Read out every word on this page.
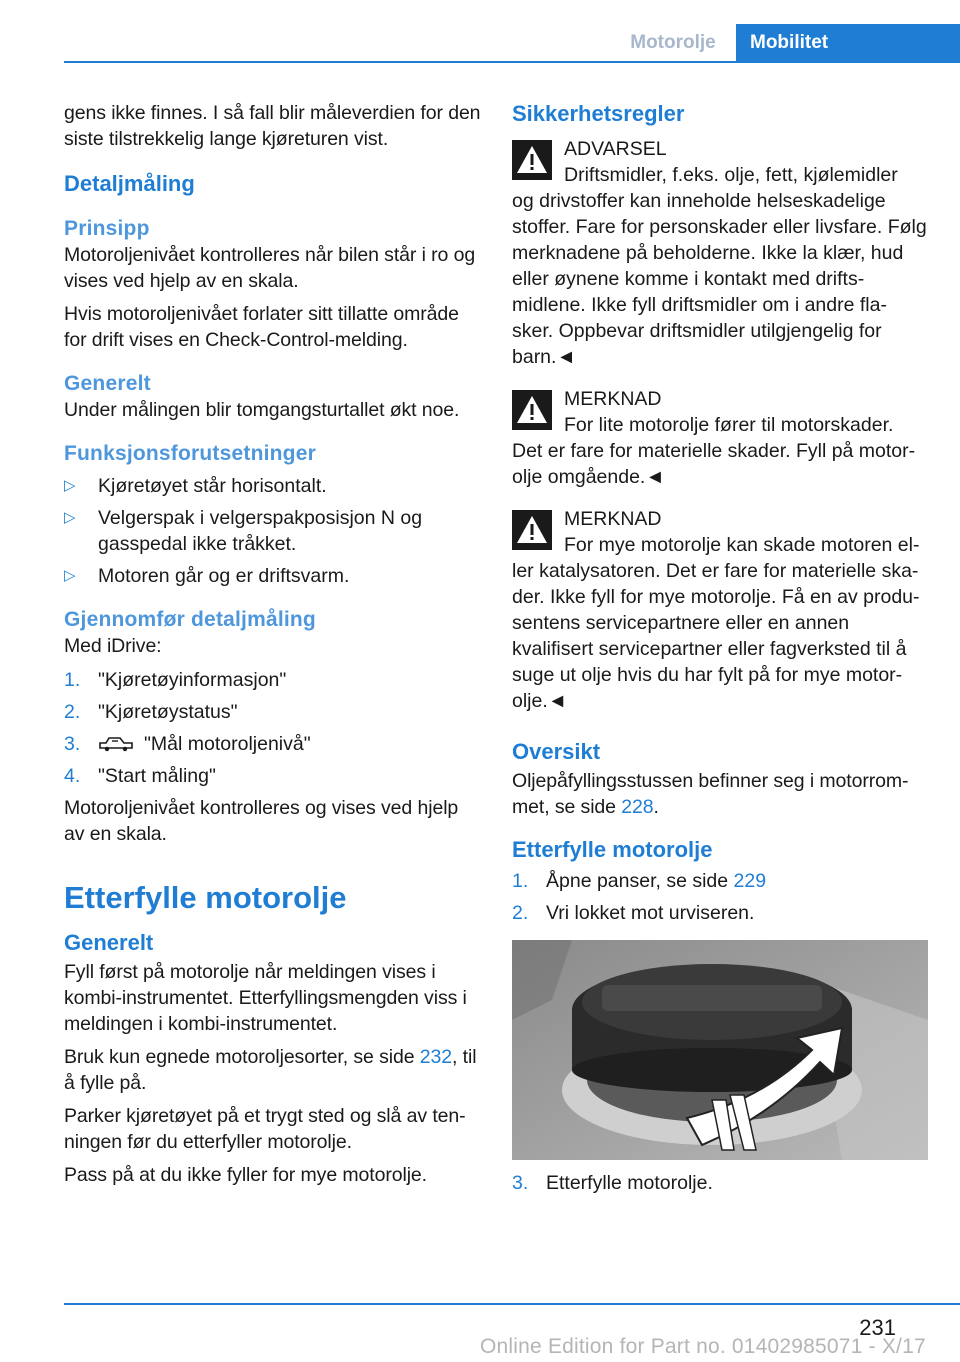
Motorolje	Mobilitet

gens ikke finnes. I så fall blir måleverdien for den siste tilstrekkelig lange kjøreturen vist.

Detaljmåling
Prinsipp

Motoroljenivået kontrolleres når bilen står i ro og vises ved hjelp av en skala.

Hvis motoroljenivået forlater sitt tillatte område for drift vises en Check-Control-melding.

Generelt

Under målingen blir tomgangsturtallet økt noe.

Funksjonsforutsetninger
▷ Kjøretøyet står horisontalt.
▷ Velgerspak i velgerspakposisjon N og gasspedal ikke tråkket.
▷ Motoren går og er driftsvarm.
Gjennomfør detaljmåling

Med iDrive:

1. "Kjøretøyinformasjon"
2. "Kjøretøystatus"
3.	"Mål motoroljenivå"
4. "Start måling"

Motoroljenivået kontrolleres og vises ved hjelp av en skala.

Etterfylle motorolje
Generelt

Fyll først på motorolje når meldingen vises i kombi-instrumentet. Etterfyllingsmengden viss i meldingen i kombi-instrumentet.

Bruk kun egnede motoroljesorter, se side 232, til å fylle på.

Parker kjøretøyet på et trygt sted og slå av ten-ningen før du etterfyller motorolje.

Pass på at du ikke fyller for mye motorolje.

Sikkerhetsregler
ADVARSEL
Driftsmidler, f.eks. olje, fett, kjølemidler
og drivstoffer kan inneholde helseskadelige stoffer. Fare for personskader eller livsfare. Følg merknadene på beholderne. Ikke la klær, hud eller øynene komme i kontakt med drifts-midlene. Ikke fyll driftsmidler om i andre fla-sker. Oppbevar driftsmidler utilgjengelig for barn.◄
MERKNAD
For lite motorolje fører til motorskader.
Det er fare for materielle skader. Fyll på motor-olje omgående.◄
MERKNAD
For mye motorolje kan skade motoren el-
ler katalysatoren. Det er fare for materielle ska-der. Ikke fyll for mye motorolje. Få en av produ-sentens servicepartnere eller en annen kvalifisert servicepartner eller fagverksted til å suge ut olje hvis du har fylt på for mye motor-olje.◄
Oversikt

Oljepåfyllingsstussen befinner seg i motorrom-met, se side 228.

Etterfylle motorolje
1. Åpne panser, se side 229
2. Vri lokket mot urviseren.
3. Etterfylle motorolje.
231
Online Edition for Part no. 01402985071 - X/17
